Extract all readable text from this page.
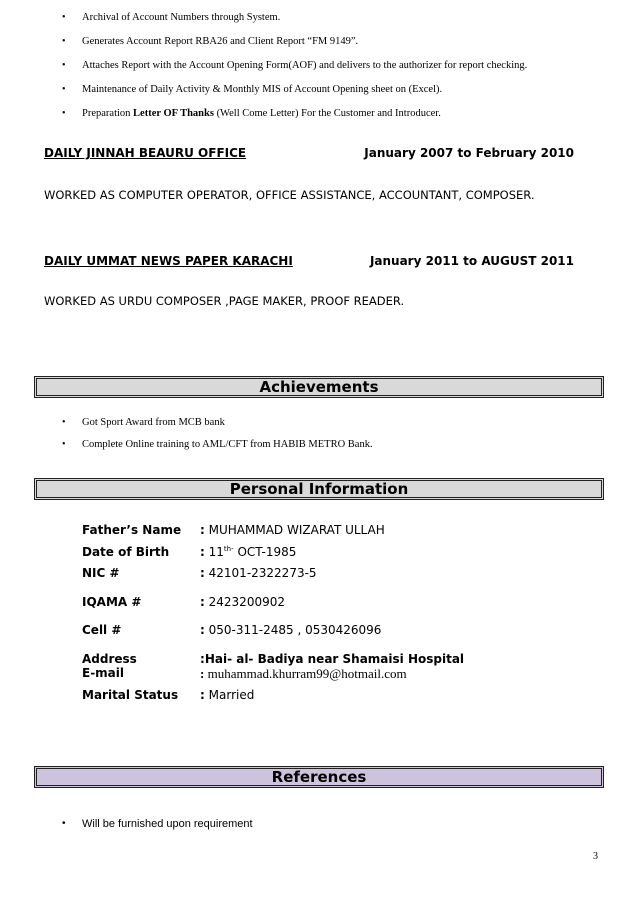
• Archival of Account Numbers through System.
• Generates Account Report RBA26 and Client Report “FM 9149”.
• Attaches Report with the Account Opening Form(AOF) and delivers to the authorizer for report checking.
• Maintenance of Daily Activity & Monthly MIS of Account Opening sheet on (Excel).
• Preparation Letter OF Thanks (Well Come Letter) For the Customer and Introducer.
DAILY JINNAH BEAURU OFFICE	January 2007 to February 2010
WORKED AS COMPUTER OPERATOR, OFFICE ASSISTANCE, ACCOUNTANT, COMPOSER.
DAILY UMMAT NEWS PAPER KARACHI	January 2011 to AUGUST 2011
WORKED AS URDU COMPOSER ,PAGE MAKER, PROOF READER.
Achievements
• Got Sport Award from MCB bank
• Complete Online training to AML/CFT from HABIB METRO Bank.
Personal Information
Father’s Name : MUHAMMAD WIZARAT ULLAH
Date of Birth	: $11^{th-}$ OCT-1985
NIC #	: 42101-2322273-5
IQAMA #	: 2423200902
Cell #	: 050-311-2485 , 0530426096
Address	:Hai- al- Badiya near Shamaisi Hospital
E-mail	: muhammad.khurram99@hotmail.com
Marital Status : Married
References
• Will be furnished upon requirement
3
